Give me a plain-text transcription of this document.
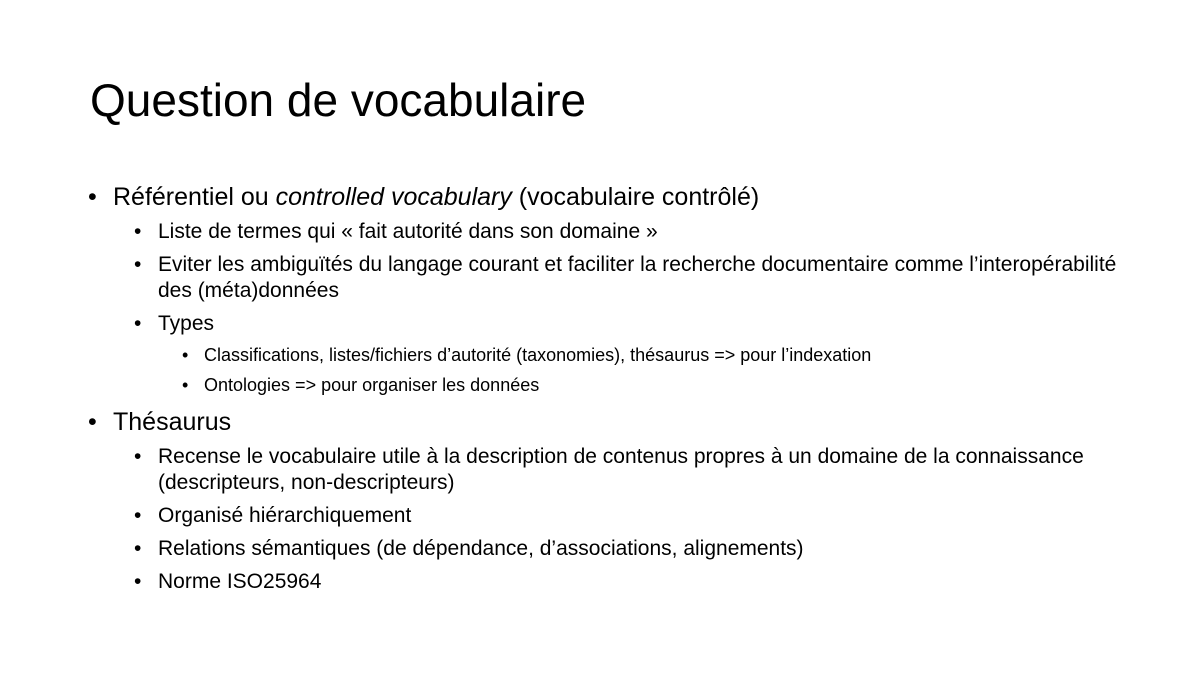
Question de vocabulaire
• Référentiel ou controlled vocabulary (vocabulaire contrôlé)
• Liste de termes qui « fait autorité dans son domaine »
• Eviter les ambiguïtés du langage courant et faciliter la recherche documentaire comme l’interopérabilité des (méta)données
• Types
• Classifications, listes/fichiers d’autorité (taxonomies), thésaurus => pour l’indexation
• Ontologies => pour organiser les données
• Thésaurus
• Recense le vocabulaire utile à la description de contenus propres à un domaine de la connaissance (descripteurs, non-descripteurs)
• Organisé hiérarchiquement
• Relations sémantiques (de dépendance, d’associations, alignements)
• Norme ISO25964
